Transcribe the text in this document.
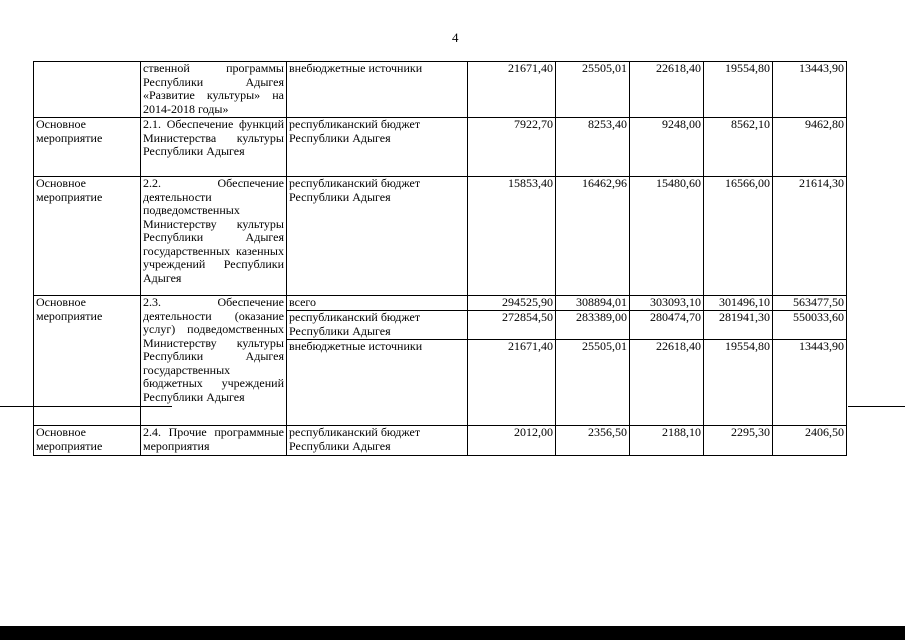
4
	ственной программы Республики Адыгея «Развитие культуры» на 2014-2018 годы»	внебюджетные источники	21671,40	25505,01	22618,40	19554,80	13443,90
Основное мероприятие	2.1. Обеспечение функций Министерства культуры Республики Адыгея	республиканский бюджет Республики Адыгея	7922,70	8253,40	9248,00	8562,10	9462,80
Основное мероприятие	2.2. Обеспечение деятельности подведомственных Министерству культуры Республики Адыгея государственных казенных учреждений Республики Адыгея	республиканский бюджет Республики Адыгея	15853,40	16462,96	15480,60	16566,00	21614,30
Основное мероприятие	2.3. Обеспечение деятельности (оказание услуг) подведомственных Министерству культуры Республики Адыгея государственных бюджетных учреждений Республики Адыгея	всего	294525,90	308894,01	303093,10	301496,10	563477,50
		республиканский бюджет Республики Адыгея	272854,50	283389,00	280474,70	281941,30	550033,60
		внебюджетные источники	21671,40	25505,01	22618,40	19554,80	13443,90
Основное мероприятие	2.4. Прочие программные мероприятия	республиканский бюджет Республики Адыгея	2012,00	2356,50	2188,10	2295,30	2406,50
